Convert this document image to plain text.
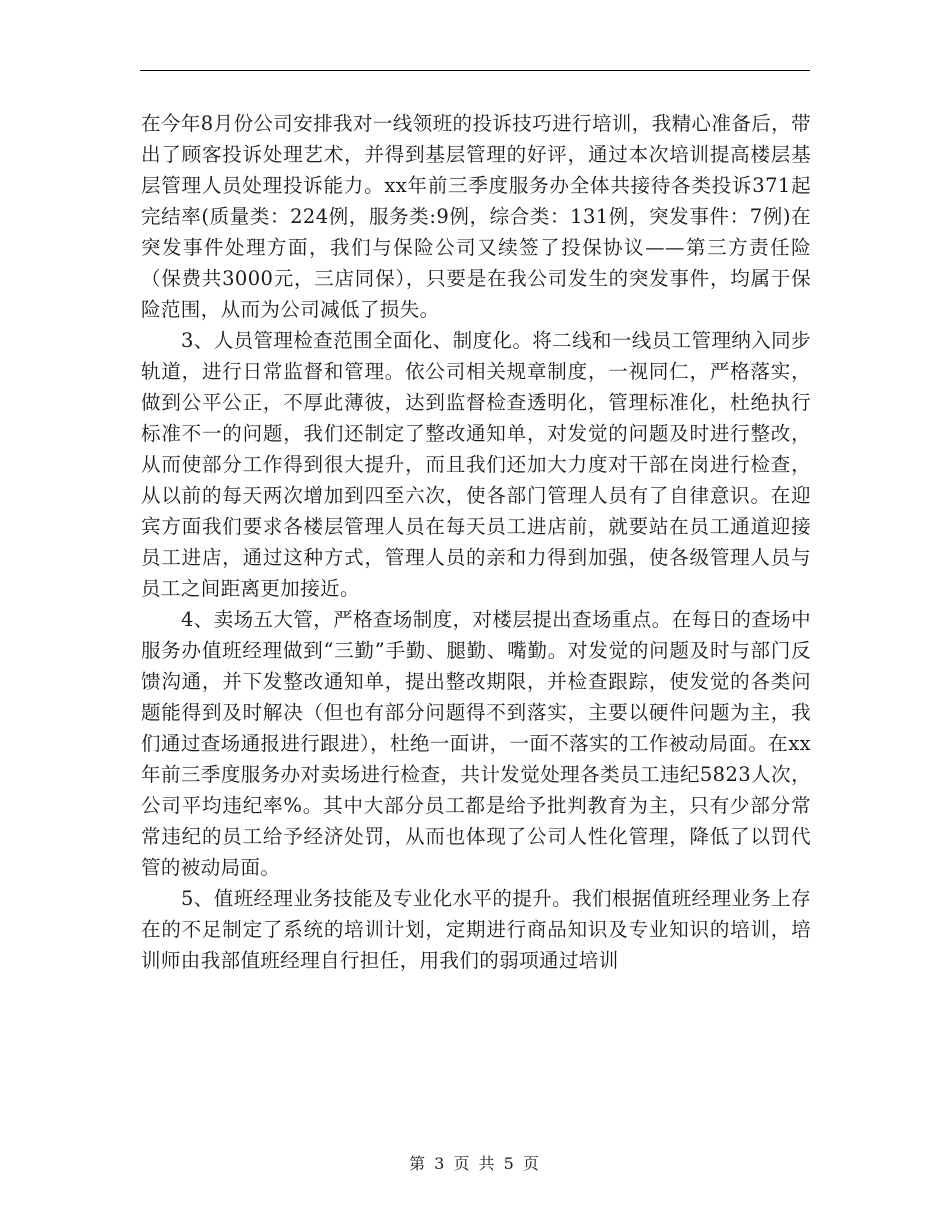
在今年8月份公司安排我对一线领班的投诉技巧进行培训，我精心准备后，带出了顾客投诉处理艺术，并得到基层管理的好评，通过本次培训提高楼层基层管理人员处理投诉能力。xx年前三季度服务办全体共接待各类投诉371起完结率(质量类：224例，服务类:9例，综合类：131例，突发事件：7例)在突发事件处理方面，我们与保险公司又续签了投保协议——第三方责任险（保费共3000元，三店同保），只要是在我公司发生的突发事件，均属于保险范围，从而为公司减低了损失。

3、人员管理检查范围全面化、制度化。将二线和一线员工管理纳入同步轨道，进行日常监督和管理。依公司相关规章制度，一视同仁，严格落实，做到公平公正，不厚此薄彼，达到监督检查透明化，管理标准化，杜绝执行标准不一的问题，我们还制定了整改通知单，对发觉的问题及时进行整改，从而使部分工作得到很大提升，而且我们还加大力度对干部在岗进行检查，从以前的每天两次增加到四至六次，使各部门管理人员有了自律意识。在迎宾方面我们要求各楼层管理人员在每天员工进店前，就要站在员工通道迎接员工进店，通过这种方式，管理人员的亲和力得到加强，使各级管理人员与员工之间距离更加接近。

4、卖场五大管，严格查场制度，对楼层提出查场重点。在每日的查场中服务办值班经理做到“三勤”手勤、腿勤、嘴勤。对发觉的问题及时与部门反馈沟通，并下发整改通知单，提出整改期限，并检查跟踪，使发觉的各类问题能得到及时解决（但也有部分问题得不到落实，主要以硬件问题为主，我们通过查场通报进行跟进），杜绝一面讲，一面不落实的工作被动局面。在xx年前三季度服务办对卖场进行检查，共计发觉处理各类员工违纪5823人次，公司平均违纪率%。其中大部分员工都是给予批判教育为主，只有少部分常常违纪的员工给予经济处罚，从而也体现了公司人性化管理，降低了以罚代管的被动局面。

5、值班经理业务技能及专业化水平的提升。我们根据值班经理业务上存在的不足制定了系统的培训计划，定期进行商品知识及专业知识的培训，培训师由我部值班经理自行担任，用我们的弱项通过培训

第 3 页 共 5 页
